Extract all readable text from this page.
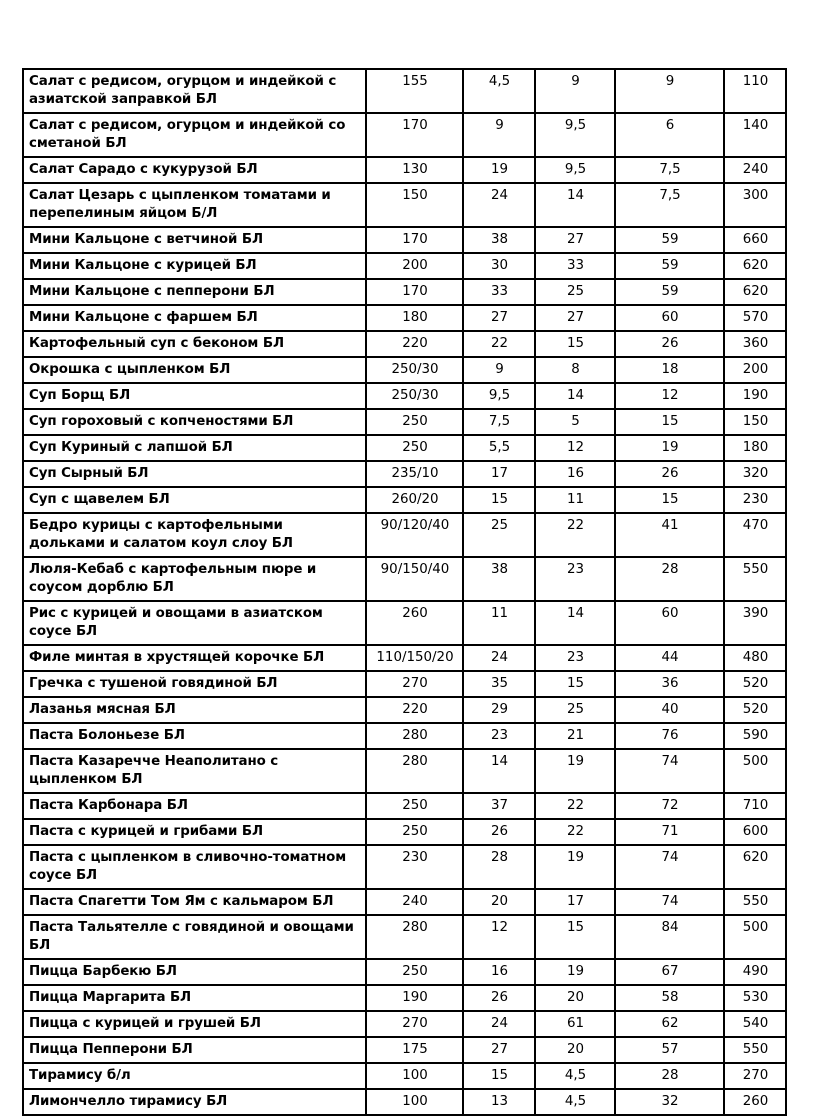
Салат с редисом, огурцом и индейкой с азиатской заправкой БЛ	155	4,5	9	9	110
Салат с редисом, огурцом и индейкой со сметаной БЛ	170	9	9,5	6	140
Салат Сарадо с кукурузой БЛ	130	19	9,5	7,5	240
Салат Цезарь с цыпленком томатами и перепелиным яйцом Б/Л	150	24	14	7,5	300
Мини Кальцоне с ветчиной БЛ	170	38	27	59	660
Мини Кальцоне с курицей БЛ	200	30	33	59	620
Мини Кальцоне с пепперони БЛ	170	33	25	59	620
Мини Кальцоне с фаршем БЛ	180	27	27	60	570
Картофельный суп с беконом БЛ	220	22	15	26	360
Окрошка с цыпленком БЛ	250/30	9	8	18	200
Суп Борщ БЛ	250/30	9,5	14	12	190
Суп гороховый с копченостями БЛ	250	7,5	5	15	150
Суп Куриный с лапшой БЛ	250	5,5	12	19	180
Суп Сырный БЛ	235/10	17	16	26	320
Суп с щавелем БЛ	260/20	15	11	15	230
Бедро курицы с картофельными дольками и салатом коул слоу БЛ	90/120/40	25	22	41	470
Люля-Кебаб с картофельным пюре и соусом дорблю БЛ	90/150/40	38	23	28	550
Рис с курицей и овощами в азиатском соусе БЛ	260	11	14	60	390
Филе минтая в хрустящей корочке БЛ	110/150/20	24	23	44	480
Гречка с тушеной говядиной БЛ	270	35	15	36	520
Лазанья мясная БЛ	220	29	25	40	520
Паста Болоньезе БЛ	280	23	21	76	590
Паста Казаречче Неаполитано с цыпленком БЛ	280	14	19	74	500
Паста Карбонара БЛ	250	37	22	72	710
Паста с курицей и грибами БЛ	250	26	22	71	600
Паста с цыпленком в сливочно-томатном соусе БЛ	230	28	19	74	620
Паста Спагетти Том Ям с кальмаром БЛ	240	20	17	74	550
Паста Тальятелле с говядиной и овощами БЛ	280	12	15	84	500
Пицца Барбекю БЛ	250	16	19	67	490
Пицца Маргарита БЛ	190	26	20	58	530
Пицца с курицей и грушей БЛ	270	24	61	62	540
Пицца Пепперони БЛ	175	27	20	57	550
Тирамису б/л	100	15	4,5	28	270
Лимончелло тирамису БЛ	100	13	4,5	32	260
